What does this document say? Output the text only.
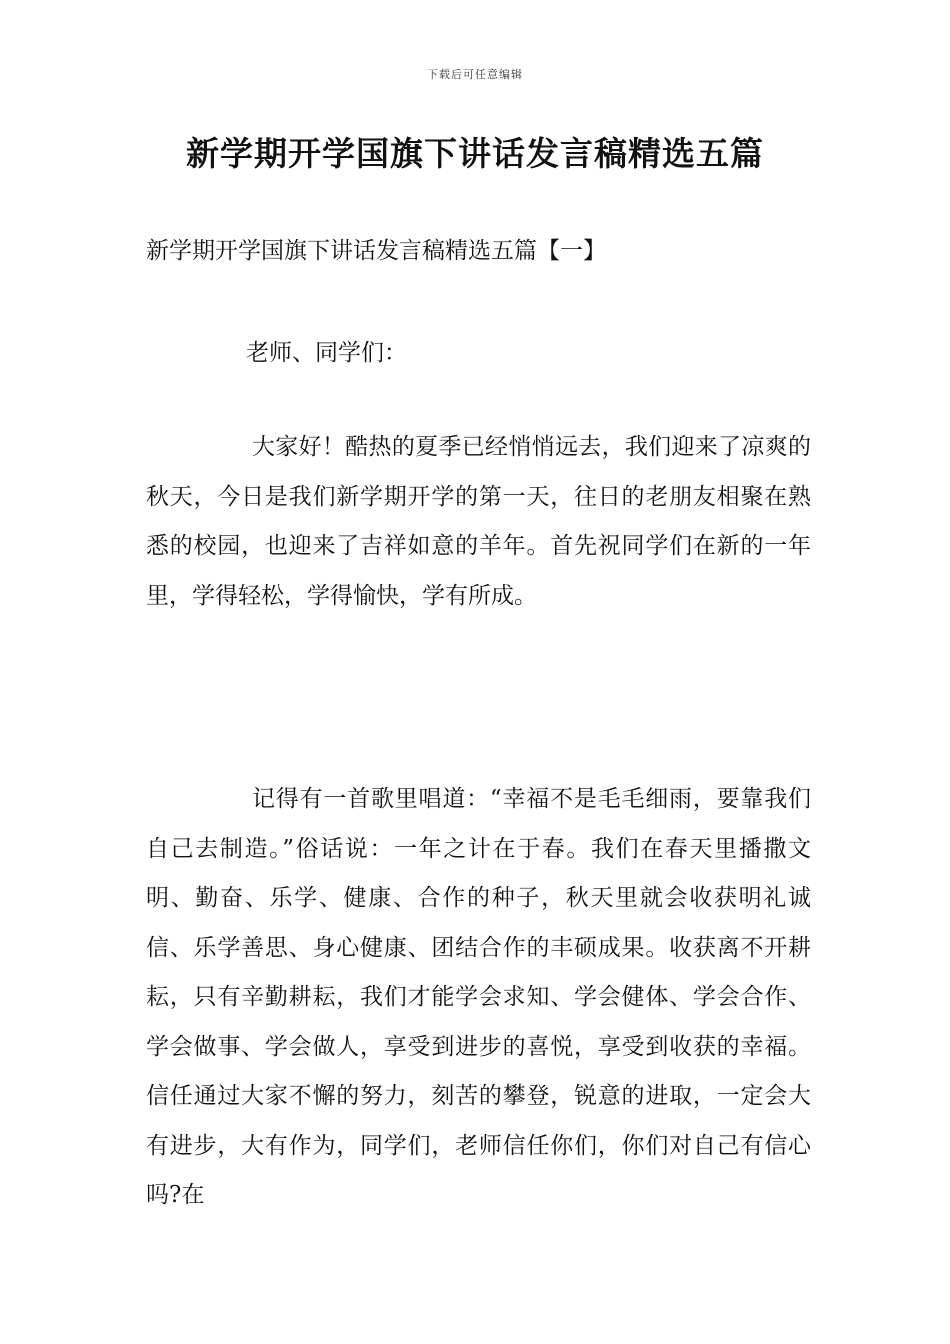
下载后可任意编辑
新学期开学国旗下讲话发言稿精选五篇
新学期开学国旗下讲话发言稿精选五篇【一】
老师、同学们：

大家好！酷热的夏季已经悄悄远去，我们迎来了凉爽的秋天，今日是我们新学期开学的第一天，往日的老朋友相聚在熟悉的校园，也迎来了吉祥如意的羊年。首先祝同学们在新的一年里，学得轻松，学得愉快，学有所成。

记得有一首歌里唱道：“幸福不是毛毛细雨，要靠我们自己去制造。”俗话说：一年之计在于春。我们在春天里播撒文明、勤奋、乐学、健康、合作的种子，秋天里就会收获明礼诚信、乐学善思、身心健康、团结合作的丰硕成果。收获离不开耕耘，只有辛勤耕耘，我们才能学会求知、学会健体、学会合作、学会做事、学会做人，享受到进步的喜悦，享受到收获的幸福。信任通过大家不懈的努力，刻苦的攀登，锐意的进取，一定会大有进步，大有作为，同学们，老师信任你们，你们对自己有信心吗?在
